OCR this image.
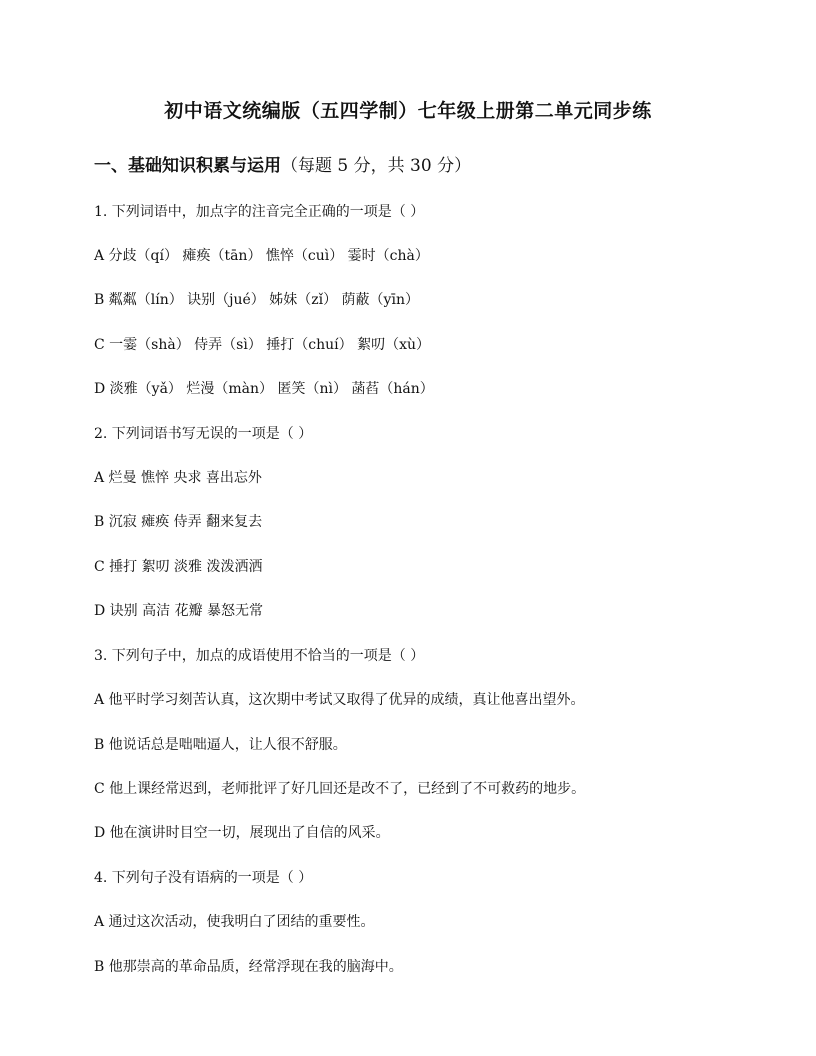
初中语文统编版（五四学制）七年级上册第二单元同步练
一、基础知识积累与运用（每题 5 分，共 30 分）
1. 下列词语中，加点字的注音完全正确的一项是（ ）
A 分歧（qí） 瘫痪（tān） 憔悴（cuì） 霎时（chà）
B 粼粼（lín） 诀别（jué） 姊妹（zǐ） 荫蔽（yīn）
C 一霎（shà） 侍弄（sì） 捶打（chuí） 絮叨（xù）
D 淡雅（yǎ） 烂漫（màn） 匿笑（nì） 菡萏（hán）
2. 下列词语书写无误的一项是（ ）
A 烂曼 憔悴 央求 喜出忘外
B 沉寂 瘫痪 侍弄 翻来复去
C 捶打 絮叨 淡雅 泼泼洒洒
D 诀别 高洁 花瓣 暴怒无常
3. 下列句子中，加点的成语使用不恰当的一项是（ ）
A 他平时学习刻苦认真，这次期中考试又取得了优异的成绩，真让他喜出望外。
B 他说话总是咄咄逼人，让人很不舒服。
C 他上课经常迟到，老师批评了好几回还是改不了，已经到了不可救药的地步。
D 他在演讲时目空一切，展现出了自信的风采。
4. 下列句子没有语病的一项是（ ）
A 通过这次活动，使我明白了团结的重要性。
B 他那崇高的革命品质，经常浮现在我的脑海中。
